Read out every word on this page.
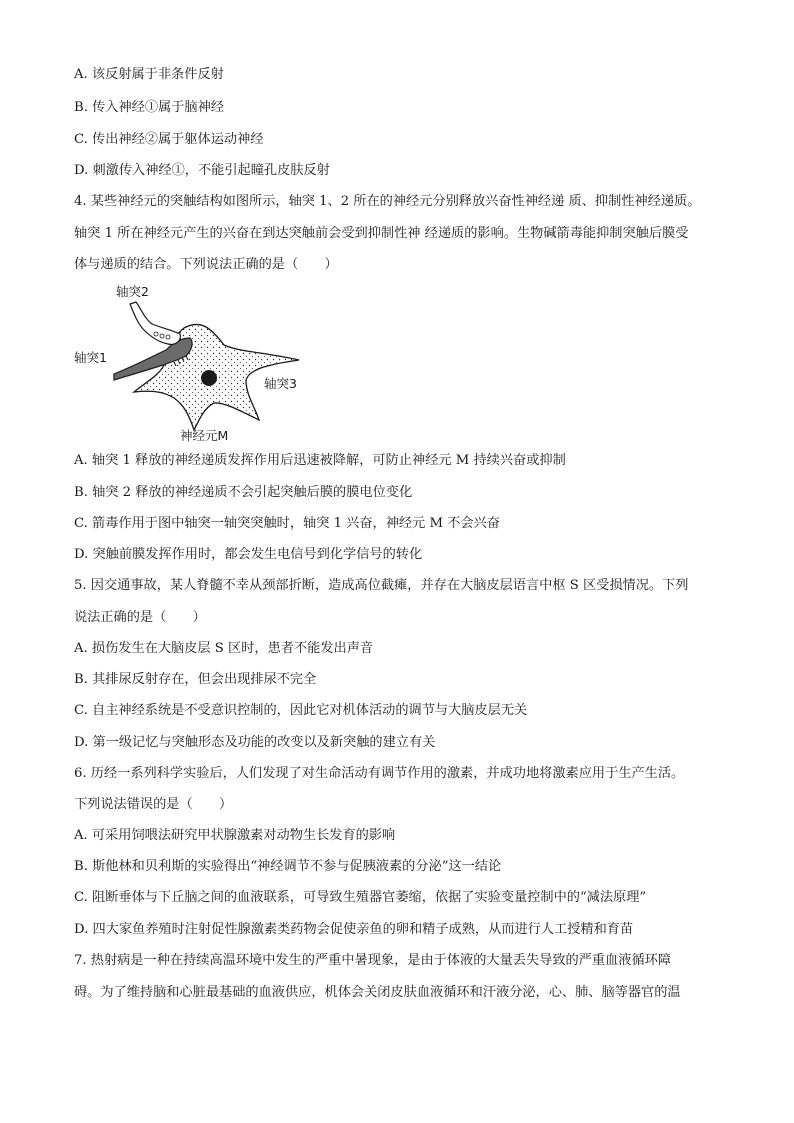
A. 该反射属于非条件反射
B. 传入神经①属于脑神经
C. 传出神经②属于躯体运动神经
D. 刺激传入神经①，不能引起瞳孔皮肤反射
4. 某些神经元的突触结构如图所示，轴突 1、2 所在的神经元分别释放兴奋性神经递 质、抑制性神经递质。
轴突 1 所在神经元产生的兴奋在到达突触前会受到抑制性神 经递质的影响。生物碱箭毒能抑制突触后膜受
体与递质的结合。下列说法正确的是（　　）
轴突2
轴突1
轴突3
神经元M
A. 轴突 1 释放的神经递质发挥作用后迅速被降解，可防止神经元 M 持续兴奋或抑制
B. 轴突 2 释放的神经递质不会引起突触后膜的膜电位变化
C. 箭毒作用于图中轴突一轴突突触时，轴突 1 兴奋，神经元 M 不会兴奋
D. 突触前膜发挥作用时，都会发生电信号到化学信号的转化
5. 因交通事故，某人脊髓不幸从颈部折断，造成高位截瘫，并存在大脑皮层语言中枢 S 区受损情况。下列
说法正确的是（　　）
A. 损伤发生在大脑皮层 S 区时，患者不能发出声音
B. 其排尿反射存在，但会出现排尿不完全
C. 自主神经系统是不受意识控制的，因此它对机体活动的调节与大脑皮层无关
D. 第一级记忆与突触形态及功能的改变以及新突触的建立有关
6. 历经一系列科学实验后，人们发现了对生命活动有调节作用的激素，并成功地将激素应用于生产生活。
下列说法错误的是（　　）
A. 可采用饲喂法研究甲状腺激素对动物生长发育的影响
B. 斯他林和贝利斯的实验得出“神经调节不参与促胰液素的分泌”这一结论
C. 阻断垂体与下丘脑之间的血液联系，可导致生殖器官萎缩，依据了实验变量控制中的“减法原理”
D. 四大家鱼养殖时注射促性腺激素类药物会促使亲鱼的卵和精子成熟，从而进行人工授精和育苗
7. 热射病是一种在持续高温环境中发生的严重中暑现象，是由于体液的大量丢失导致的严重血液循环障
碍。为了维持脑和心脏最基础的血液供应，机体会关闭皮肤血液循环和汗液分泌，心、肺、脑等器官的温
